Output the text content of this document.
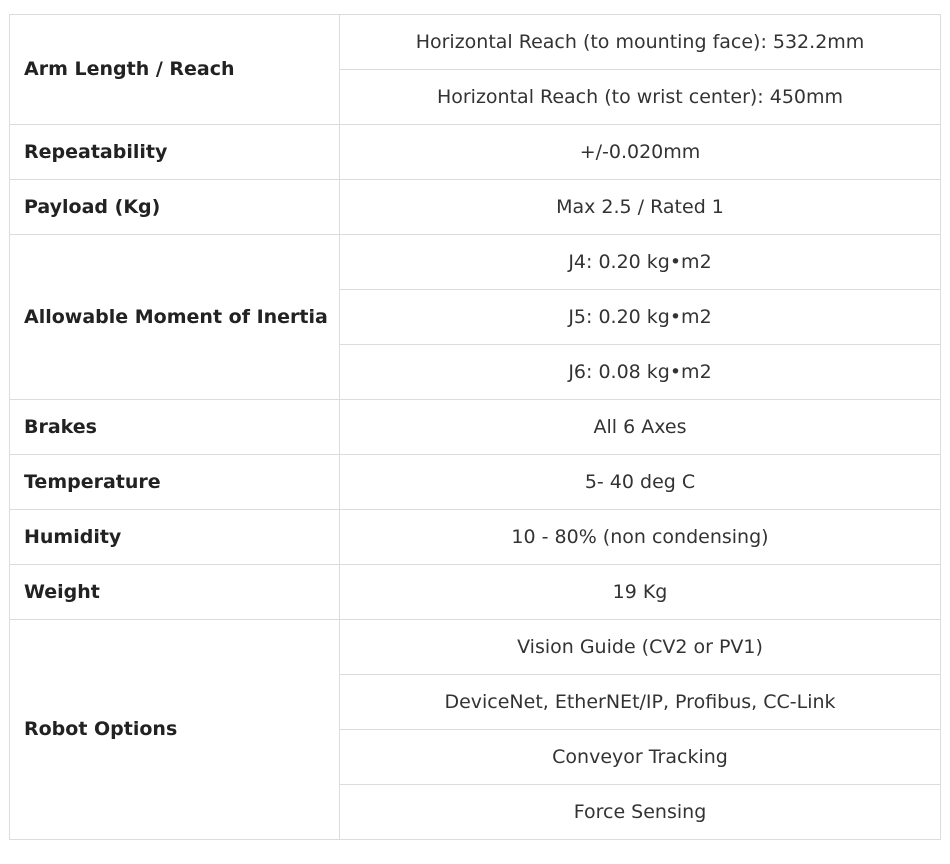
Arm Length / Reach	Horizontal Reach (to mounting face): 532.2mm
	Horizontal Reach (to wrist center): 450mm
Repeatability	+/-0.020mm
Payload (Kg)	Max 2.5 / Rated 1
Allowable Moment of Inertia	J4: 0.20 kg•m2
	J5: 0.20 kg•m2
	J6: 0.08 kg•m2
Brakes	All 6 Axes
Temperature	5- 40 deg C
Humidity	10 - 80% (non condensing)
Weight	19 Kg
Robot Options	Vision Guide (CV2 or PV1)
	DeviceNet, EtherNEt/IP, Profibus, CC-Link
	Conveyor Tracking
	Force Sensing
